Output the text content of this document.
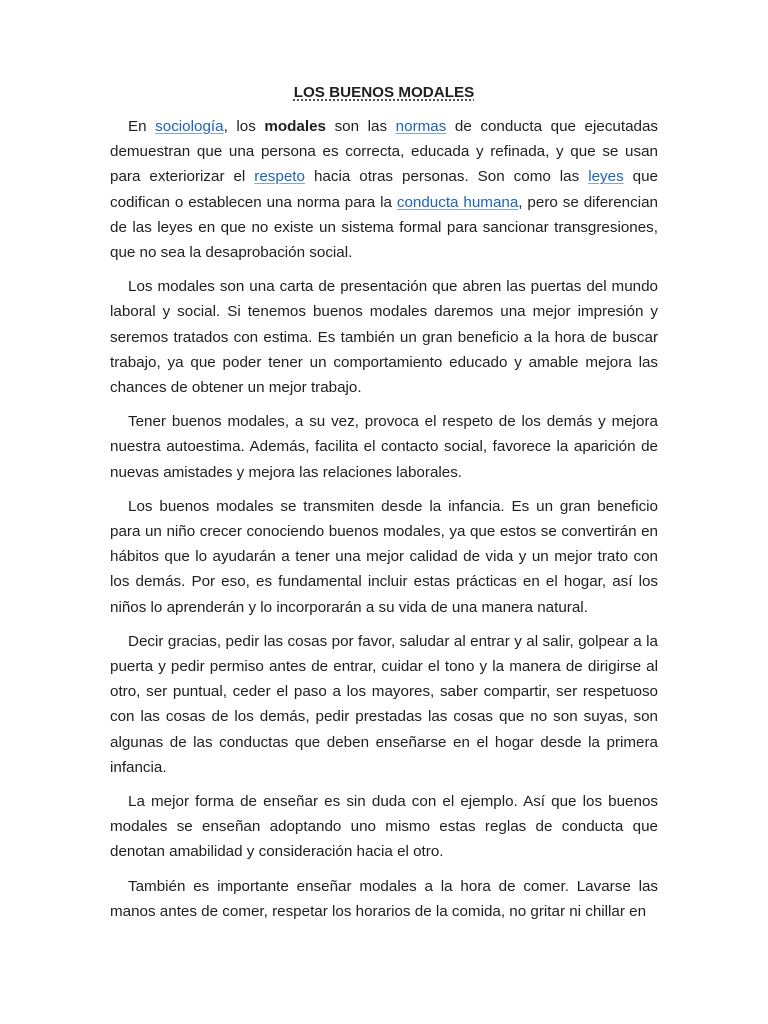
LOS BUENOS MODALES

En sociología, los modales son las normas de conducta que ejecutadas demuestran que una persona es correcta, educada y refinada, y que se usan para exteriorizar el respeto hacia otras personas. Son como las leyes que codifican o establecen una norma para la conducta humana, pero se diferencian de las leyes en que no existe un sistema formal para sancionar transgresiones, que no sea la desaprobación social.

Los modales son una carta de presentación que abren las puertas del mundo laboral y social. Si tenemos buenos modales daremos una mejor impresión y seremos tratados con estima. Es también un gran beneficio a la hora de buscar trabajo, ya que poder tener un comportamiento educado y amable mejora las chances de obtener un mejor trabajo.

Tener buenos modales, a su vez, provoca el respeto de los demás y mejora nuestra autoestima. Además, facilita el contacto social, favorece la aparición de nuevas amistades y mejora las relaciones laborales.

Los buenos modales se transmiten desde la infancia. Es un gran beneficio para un niño crecer conociendo buenos modales, ya que estos se convertirán en hábitos que lo ayudarán a tener una mejor calidad de vida y un mejor trato con los demás. Por eso, es fundamental incluir estas prácticas en el hogar, así los niños lo aprenderán y lo incorporarán a su vida de una manera natural.

Decir gracias, pedir las cosas por favor, saludar al entrar y al salir, golpear a la puerta y pedir permiso antes de entrar, cuidar el tono y la manera de dirigirse al otro, ser puntual, ceder el paso a los mayores, saber compartir, ser respetuoso con las cosas de los demás, pedir prestadas las cosas que no son suyas, son algunas de las conductas que deben enseñarse en el hogar desde la primera infancia.

La mejor forma de enseñar es sin duda con el ejemplo. Así que los buenos modales se enseñan adoptando uno mismo estas reglas de conducta que denotan amabilidad y consideración hacia el otro.

También es importante enseñar modales a la hora de comer. Lavarse las manos antes de comer, respetar los horarios de la comida, no gritar ni chillar en
